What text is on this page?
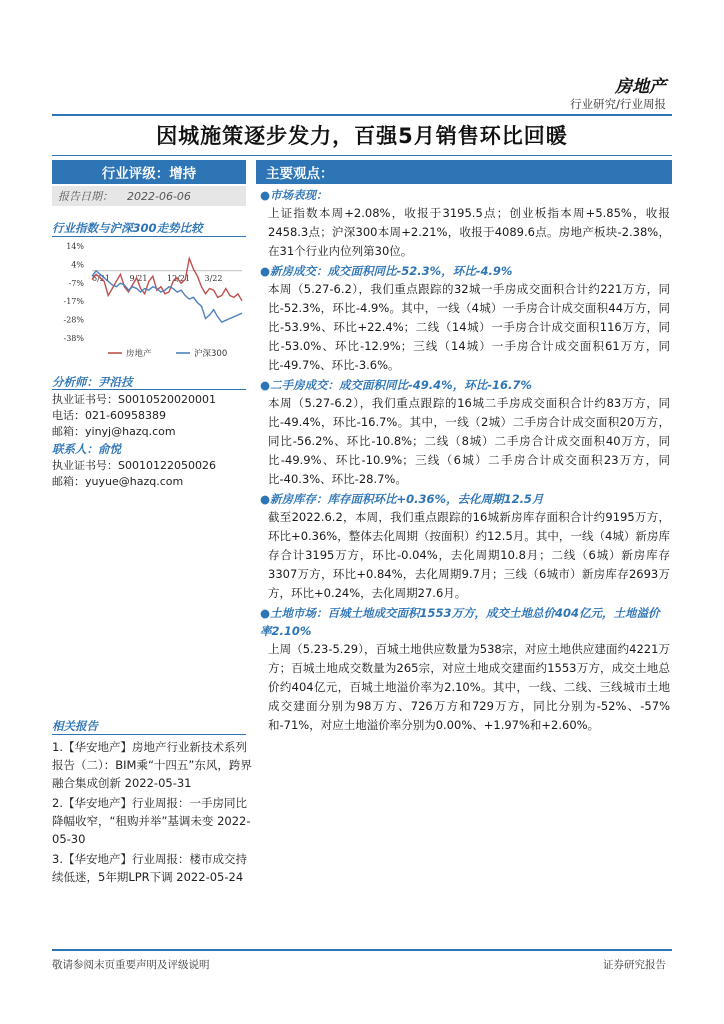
房地产
行业研究/行业周报
因城施策逐步发力，百强5月销售环比回暖
行业评级：增持
报告日期： 2022-06-06
行业指数与沪深300走势比较
14%
4%
-7%
-17%
-28%
-38%
6/21 9/21 12/21 3/22
房地产	沪深300
分析师：尹沿技
执业证书号：S0010520020001
电话：021-60958389
邮箱：yinyj@hazq.com
联系人：俞悦
执业证书号：S0010122050026
邮箱：yuyue@hazq.com
相关报告
1.【华安地产】房地产行业新技术系列报告（二）：BIM乘“十四五”东风，跨界融合集成创新 2022-05-31
2.【华安地产】行业周报：一手房同比降幅收窄，“租购并举”基调未变 2022-05-30
3.【华安地产】行业周报：楼市成交持续低迷，5年期LPR下调 2022-05-24
主要观点：
●市场表现：
上证指数本周+2.08%，收报于3195.5点；创业板指本周+5.85%，收报2458.3点；沪深300本周+2.21%，收报于4089.6点。房地产板块-2.38%，在31个行业内位列第30位。
●新房成交：成交面积同比-52.3%，环比-4.9%
本周（5.27-6.2），我们重点跟踪的32城一手房成交面积合计约221万方，同比-52.3%，环比-4.9%。其中，一线（4城）一手房合计成交面积44万方，同比-53.9%、环比+22.4%；二线（14城）一手房合计成交面积116万方，同比-53.0%、环比-12.9%；三线（14城）一手房合计成交面积61万方，同比-49.7%、环比-3.6%。
●二手房成交：成交面积同比-49.4%，环比-16.7%
本周（5.27-6.2），我们重点跟踪的16城二手房成交面积合计约83万方，同比-49.4%，环比-16.7%。其中，一线（2城）二手房合计成交面积20万方，同比-56.2%、环比-10.8%；二线（8城）二手房合计成交面积40万方，同比-49.9%、环比-10.9%；三线（6城）二手房合计成交面积23万方，同比-40.3%、环比-28.7%。
●新房库存：库存面积环比+0.36%，去化周期12.5月
截至2022.6.2，本周，我们重点跟踪的16城新房库存面积合计约9195万方，环比+0.36%，整体去化周期（按面积）约12.5月。其中，一线（4城）新房库存合计3195万方，环比-0.04%，去化周期10.8月；二线（6城）新房库存3307万方，环比+0.84%，去化周期9.7月；三线（6城市）新房库存2693万方，环比+0.24%，去化周期27.6月。
●土地市场：百城土地成交面积1553万方，成交土地总价404亿元，土地溢价率2.10%
上周（5.23-5.29），百城土地供应数量为538宗，对应土地供应建面约4221万方；百城土地成交数量为265宗，对应土地成交建面约1553万方，成交土地总价约404亿元，百城土地溢价率为2.10%。其中，一线、二线、三线城市土地成交建面分别为98万方、726万方和729万方，同比分别为-52%、-57%和-71%，对应土地溢价率分别为0.00%、+1.97%和+2.60%。
敬请参阅末页重要声明及评级说明	证券研究报告
